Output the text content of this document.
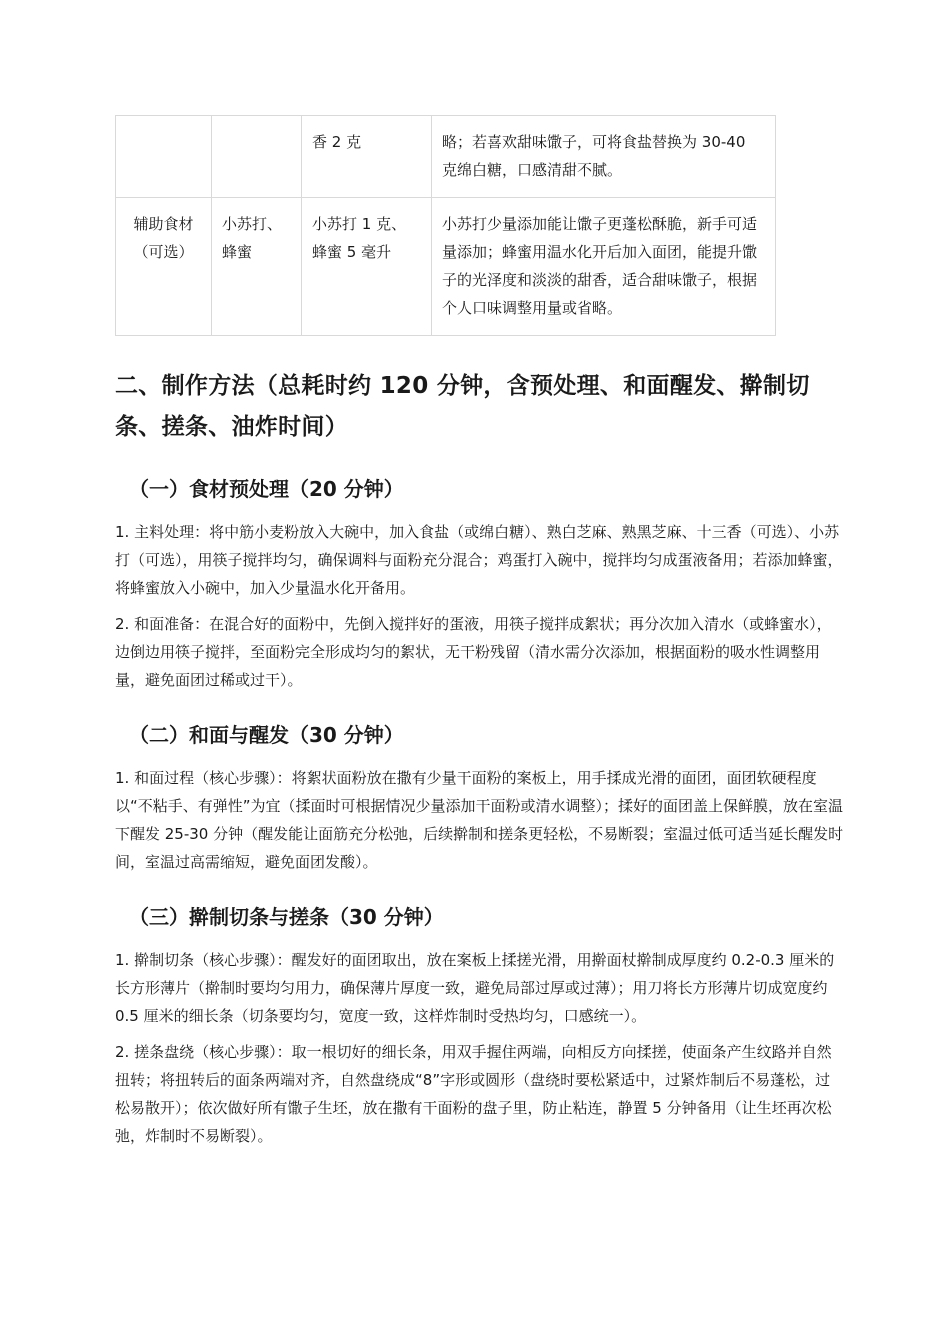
		香 2 克	略；若喜欢甜味馓子，可将食盐替换为 30-40 克绵白糖，口感清甜不腻。
辅助食材（可选）	小苏打、蜂蜜	小苏打 1 克、蜂蜜 5 毫升	小苏打少量添加能让馓子更蓬松酥脆，新手可适量添加；蜂蜜用温水化开后加入面团，能提升馓子的光泽度和淡淡的甜香，适合甜味馓子，根据个人口味调整用量或省略。
二、制作方法（总耗时约 120 分钟，含预处理、和面醒发、擀制切条、搓条、油炸时间）
（一）食材预处理（20 分钟）

1. 主料处理：将中筋小麦粉放入大碗中，加入食盐（或绵白糖）、熟白芝麻、熟黑芝麻、十三香（可选）、小苏打（可选），用筷子搅拌均匀，确保调料与面粉充分混合；鸡蛋打入碗中，搅拌均匀成蛋液备用；若添加蜂蜜，将蜂蜜放入小碗中，加入少量温水化开备用。

2. 和面准备：在混合好的面粉中，先倒入搅拌好的蛋液，用筷子搅拌成絮状；再分次加入清水（或蜂蜜水），边倒边用筷子搅拌，至面粉完全形成均匀的絮状，无干粉残留（清水需分次添加，根据面粉的吸水性调整用量，避免面团过稀或过干）。

（二）和面与醒发（30 分钟）

1. 和面过程（核心步骤）：将絮状面粉放在撒有少量干面粉的案板上，用手揉成光滑的面团，面团软硬程度以“不粘手、有弹性”为宜（揉面时可根据情况少量添加干面粉或清水调整）；揉好的面团盖上保鲜膜，放在室温下醒发 25-30 分钟（醒发能让面筋充分松弛，后续擀制和搓条更轻松，不易断裂；室温过低可适当延长醒发时间，室温过高需缩短，避免面团发酸）。

（三）擀制切条与搓条（30 分钟）

1. 擀制切条（核心步骤）：醒发好的面团取出，放在案板上揉搓光滑，用擀面杖擀制成厚度约 0.2-0.3 厘米的长方形薄片（擀制时要均匀用力，确保薄片厚度一致，避免局部过厚或过薄）；用刀将长方形薄片切成宽度约 0.5 厘米的细长条（切条要均匀，宽度一致，这样炸制时受热均匀，口感统一）。

2. 搓条盘绕（核心步骤）：取一根切好的细长条，用双手握住两端，向相反方向揉搓，使面条产生纹路并自然扭转；将扭转后的面条两端对齐，自然盘绕成“8”字形或圆形（盘绕时要松紧适中，过紧炸制后不易蓬松，过松易散开）；依次做好所有馓子生坯，放在撒有干面粉的盘子里，防止粘连，静置 5 分钟备用（让生坯再次松弛，炸制时不易断裂）。
